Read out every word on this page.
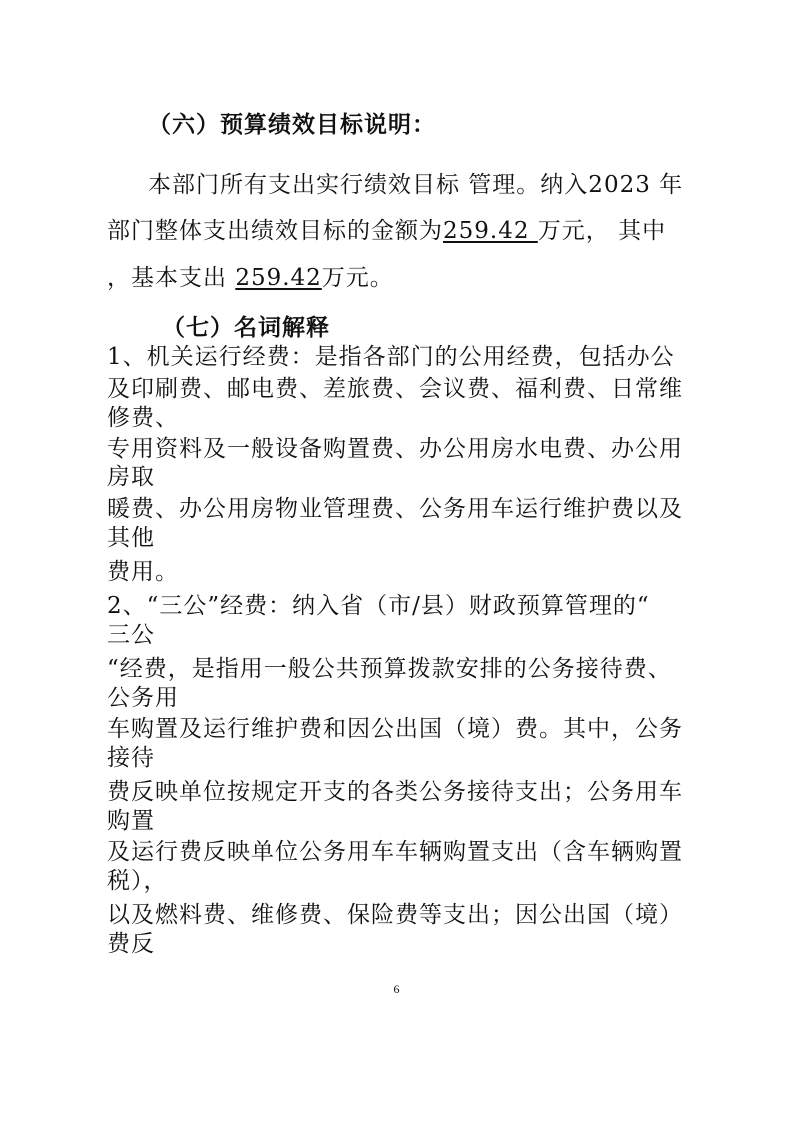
（六）预算绩效目标说明：
本部门所有支出实行绩效目标 管理。纳入2023 年
部门整体支出绩效目标的金额为259.42 万元， 其中
，基本支出 259.42万元。
（七）名词解释
1、机关运行经费：是指各部门的公用经费，包括办公
及印刷费、邮电费、差旅费、会议费、福利费、日常维
修费、
专用资料及一般设备购置费、办公用房水电费、办公用
房取
暖费、办公用房物业管理费、公务用车运行维护费以及
其他
费用。
2、“三公”经费：纳入省（市/县）财政预算管理的“
三公
“经费，是指用一般公共预算拨款安排的公务接待费、
公务用
车购置及运行维护费和因公出国（境）费。其中，公务
接待
费反映单位按规定开支的各类公务接待支出；公务用车
购置
及运行费反映单位公务用车车辆购置支出（含车辆购置
税），
以及燃料费、维修费、保险费等支出；因公出国（境）
费反
6
